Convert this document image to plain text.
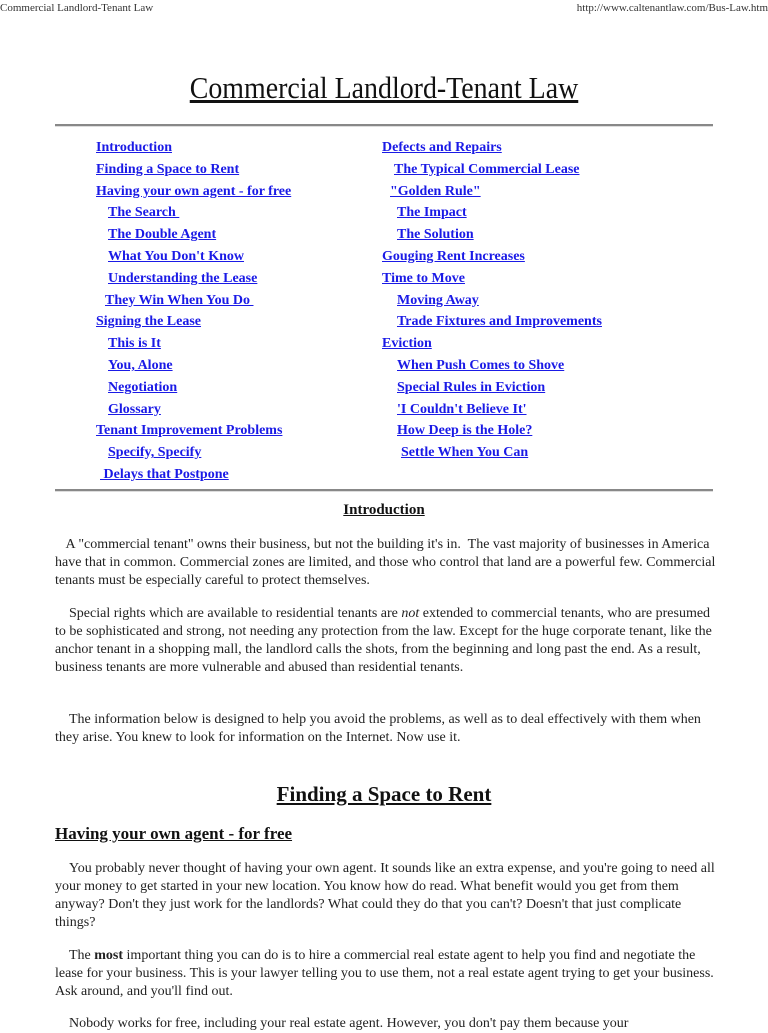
Commercial Landlord-Tenant Law	http://www.caltenantlaw.com/Bus-Law.htm
Commercial Landlord-Tenant Law
Introduction
Finding a Space to Rent
Having your own agent - for free
The Search
The Double Agent
What You Don't Know
Understanding the Lease
They Win When You Do
Signing the Lease
This is It
You, Alone
Negotiation
Glossary
Tenant Improvement Problems
Specify, Specify
Delays that Postpone
Defects and Repairs
The Typical Commercial Lease
"Golden Rule"
The Impact
The Solution
Gouging Rent Increases
Time to Move
Moving Away
Trade Fixtures and Improvements
Eviction
When Push Comes to Shove
Special Rules in Eviction
'I Couldn't Believe It'
How Deep is the Hole?
Settle When You Can
Introduction

A "commercial tenant" owns their business, but not the building it's in.  The vast majority of businesses in America have that in common. Commercial zones are limited, and those who control that land are a powerful few. Commercial tenants must be especially careful to protect themselves.

Special rights which are available to residential tenants are not extended to commercial tenants, who are presumed to be sophisticated and strong, not needing any protection from the law. Except for the huge corporate tenant, like the anchor tenant in a shopping mall, the landlord calls the shots, from the beginning and long past the end. As a result, business tenants are more vulnerable and abused than residential tenants.

The information below is designed to help you avoid the problems, as well as to deal effectively with them when they arise. You knew to look for information on the Internet. Now use it.

Finding a Space to Rent
Having your own agent - for free

You probably never thought of having your own agent. It sounds like an extra expense, and you're going to need all your money to get started in your new location. You know how do read. What benefit would you get from them anyway? Don't they just work for the landlords? What could they do that you can't? Doesn't that just complicate things?

The most important thing you can do is to hire a commercial real estate agent to help you find and negotiate the lease for your business. This is your lawyer telling you to use them, not a real estate agent trying to get your business. Ask around, and you'll find out.

Nobody works for free, including your real estate agent. However, you don't pay them because your
